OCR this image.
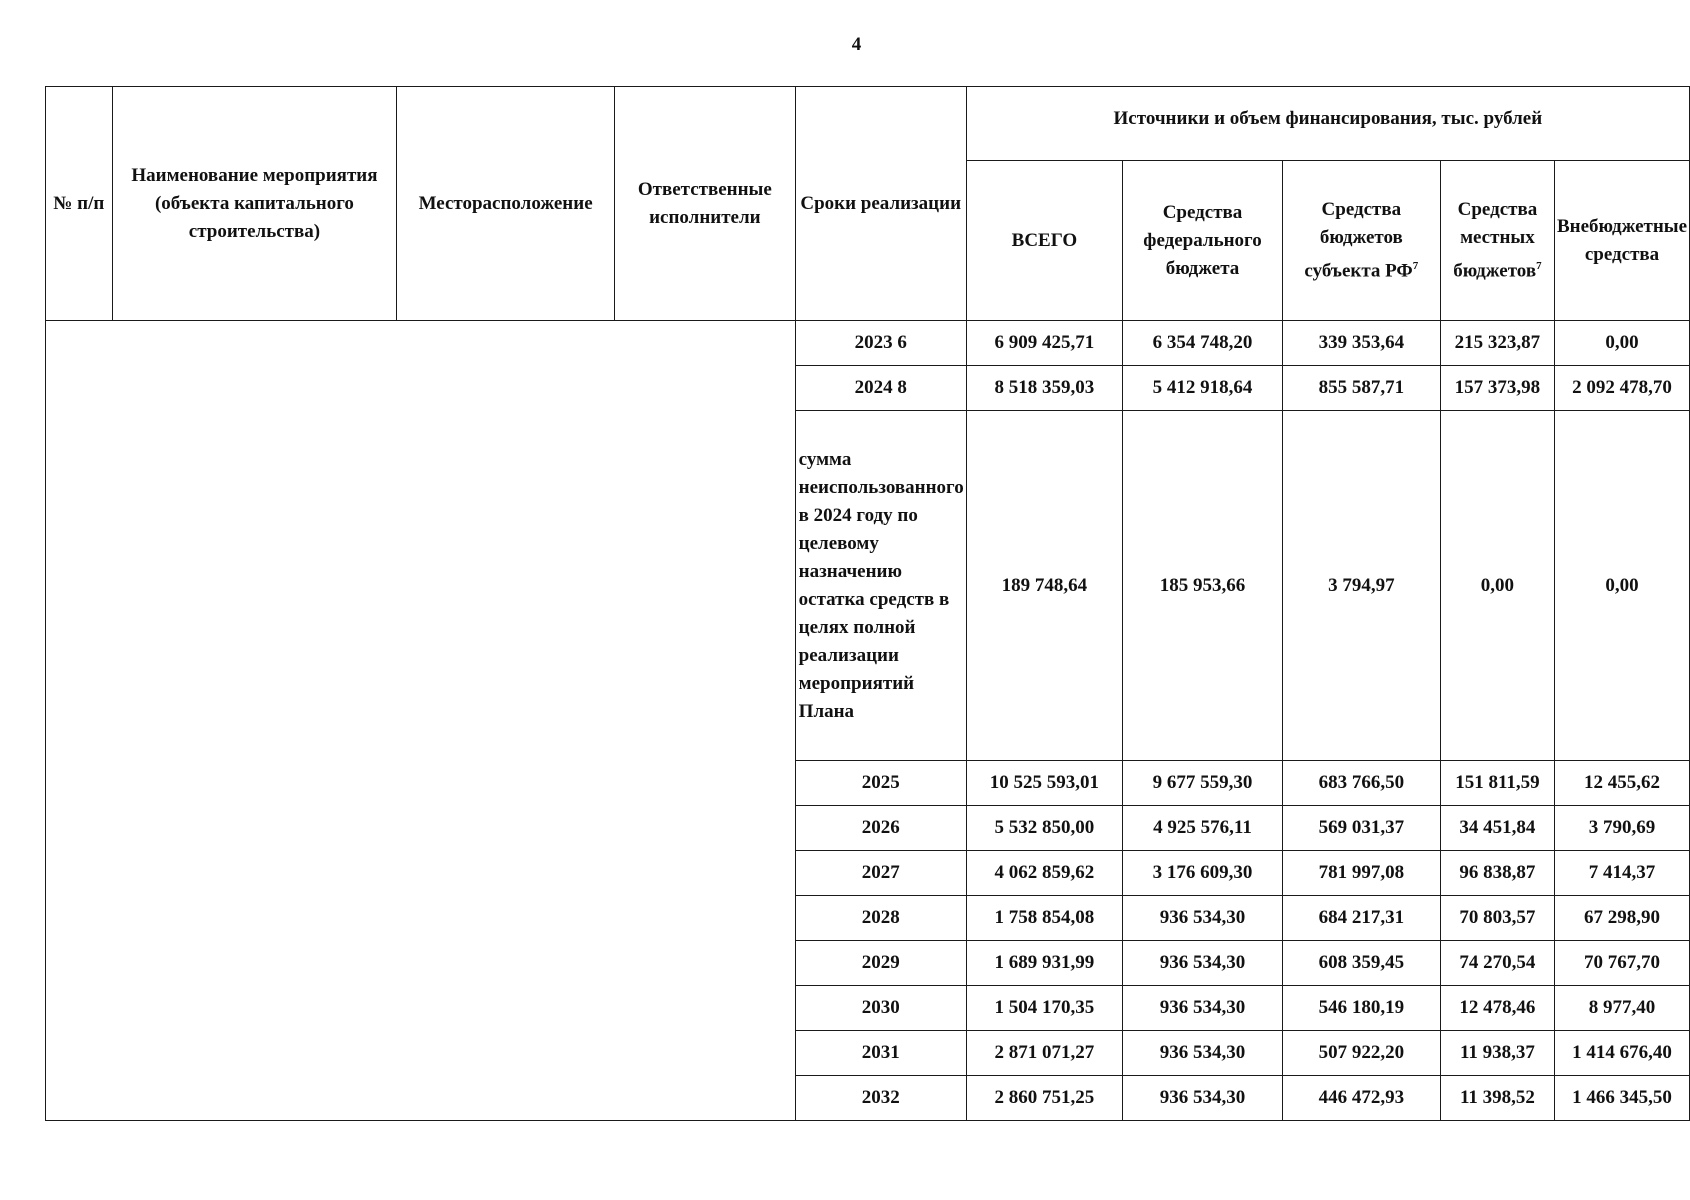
4
№ п/п	Наименование мероприятия (объекта капитального строительства)	Месторасположение	Ответственные исполнители	Сроки реализации	Источники и объем финансирования, тыс. рублей				
					ВСЕГО	Средства федерального бюджета	Средства бюджетов субъекта $РФ^7$	Средства местных бюджетов$^7$	Внебюджетные средства
				2023 6	6 909 425,71	6 354 748,20	339 353,64	215 323,87	0,00
				2024 8	8 518 359,03	5 412 918,64	855 587,71	157 373,98	2 092 478,70
				сумма неиспользованного в 2024 году по целевому назначению остатка средств в целях полной реализации мероприятий Плана	189 748,64	185 953,66	3 794,97	0,00	0,00
				2025	10 525 593,01	9 677 559,30	683 766,50	151 811,59	12 455,62
				2026	5 532 850,00	4 925 576,11	569 031,37	34 451,84	3 790,69
				2027	4 062 859,62	3 176 609,30	781 997,08	96 838,87	7 414,37
				2028	1 758 854,08	936 534,30	684 217,31	70 803,57	67 298,90
				2029	1 689 931,99	936 534,30	608 359,45	74 270,54	70 767,70
				2030	1 504 170,35	936 534,30	546 180,19	12 478,46	8 977,40
				2031	2 871 071,27	936 534,30	507 922,20	11 938,37	1 414 676,40
				2032	2 860 751,25	936 534,30	446 472,93	11 398,52	1 466 345,50
